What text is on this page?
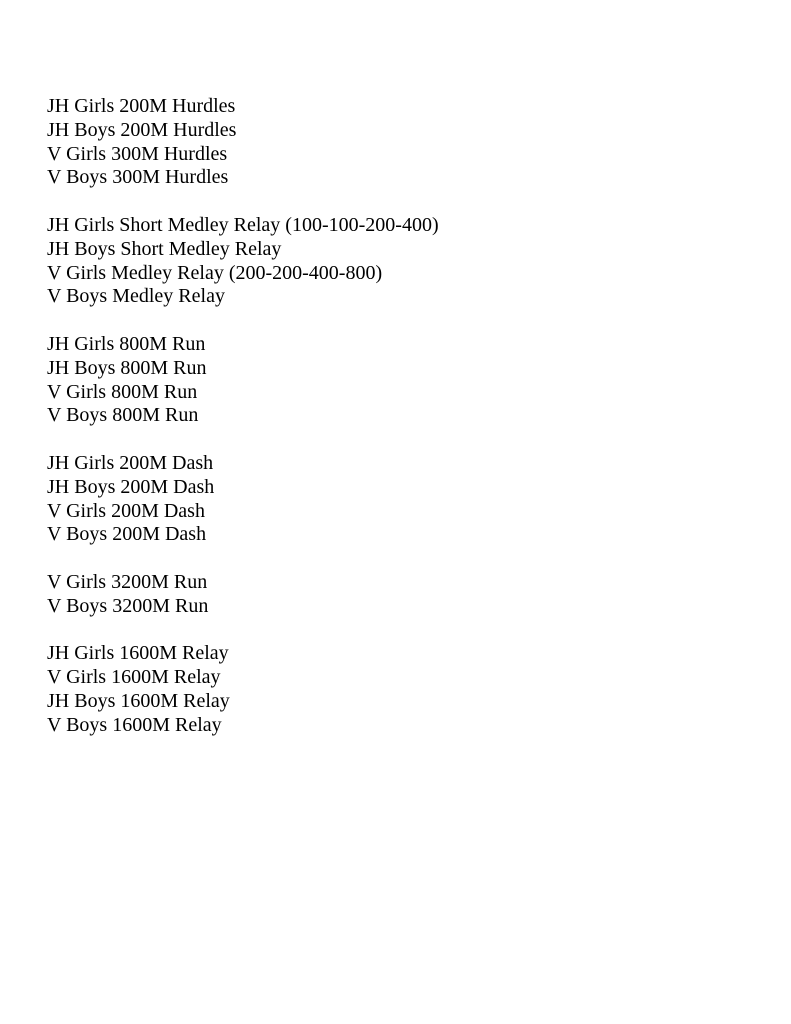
JH Girls 200M Hurdles
JH Boys 200M Hurdles
V Girls 300M Hurdles
V Boys 300M Hurdles
JH Girls Short Medley Relay (100-100-200-400)
JH Boys Short Medley Relay
V Girls Medley Relay (200-200-400-800)
V Boys Medley Relay
JH Girls 800M Run
JH Boys 800M Run
V Girls 800M Run
V Boys 800M Run
JH Girls 200M Dash
JH Boys 200M Dash
V Girls 200M Dash
V Boys 200M Dash
V Girls 3200M Run
V Boys 3200M Run
JH Girls 1600M Relay
V Girls 1600M Relay
JH Boys 1600M Relay
V Boys 1600M Relay
